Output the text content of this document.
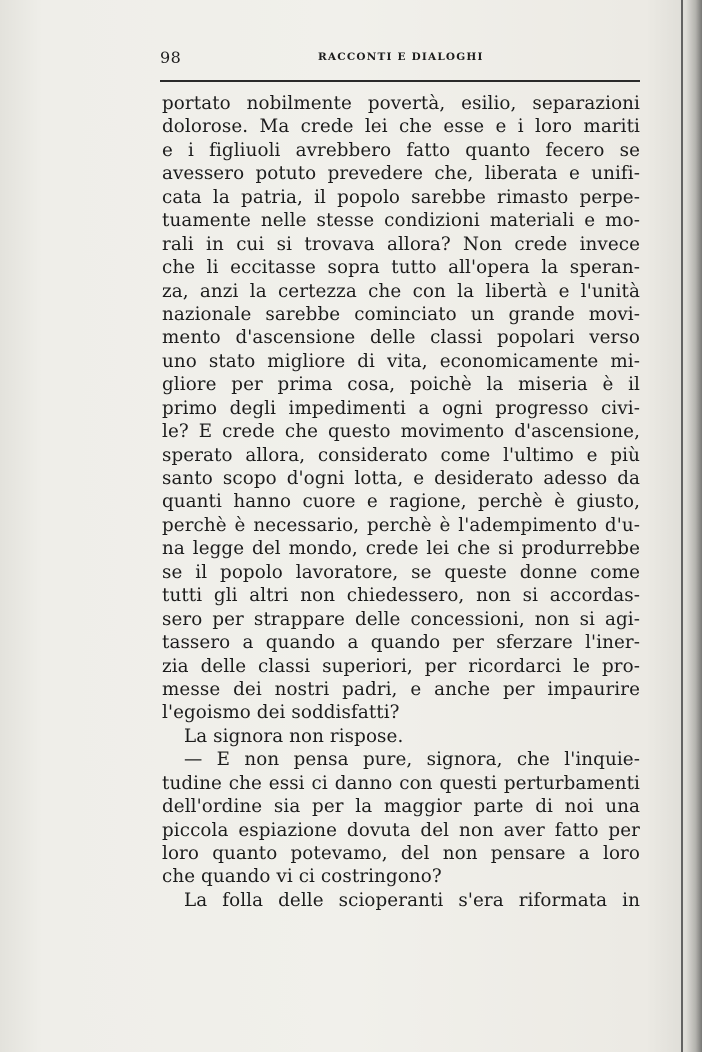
98	RACCONTI E DIALOGHI
portato nobilmente povertà, esilio, separazioni
dolorose. Ma crede lei che esse e i loro mariti
e i figliuoli avrebbero fatto quanto fecero se
avessero potuto prevedere che, liberata e unifi-
cata la patria, il popolo sarebbe rimasto perpe-
tuamente nelle stesse condizioni materiali e mo-
rali in cui si trovava allora? Non crede invece
che li eccitasse sopra tutto all'opera la speran-
za, anzi la certezza che con la libertà e l'unità
nazionale sarebbe cominciato un grande movi-
mento d'ascensione delle classi popolari verso
uno stato migliore di vita, economicamente mi-
gliore per prima cosa, poichè la miseria è il
primo degli impedimenti a ogni progresso civi-
le? E crede che questo movimento d'ascensione,
sperato allora, considerato come l'ultimo e più
santo scopo d'ogni lotta, e desiderato adesso da
quanti hanno cuore e ragione, perchè è giusto,
perchè è necessario, perchè è l'adempimento d'u-
na legge del mondo, crede lei che si produrrebbe
se il popolo lavoratore, se queste donne come
tutti gli altri non chiedessero, non si accordas-
sero per strappare delle concessioni, non si agi-
tassero a quando a quando per sferzare l'iner-
zia delle classi superiori, per ricordarci le pro-
messe dei nostri padri, e anche per impaurire
l'egoismo dei soddisfatti?
La signora non rispose.
— E non pensa pure, signora, che l'inquie-
tudine che essi ci danno con questi perturbamenti
dell'ordine sia per la maggior parte di noi una
piccola espiazione dovuta del non aver fatto per
loro quanto potevamo, del non pensare a loro
che quando vi ci costringono?
La folla delle scioperanti s'era riformata in
